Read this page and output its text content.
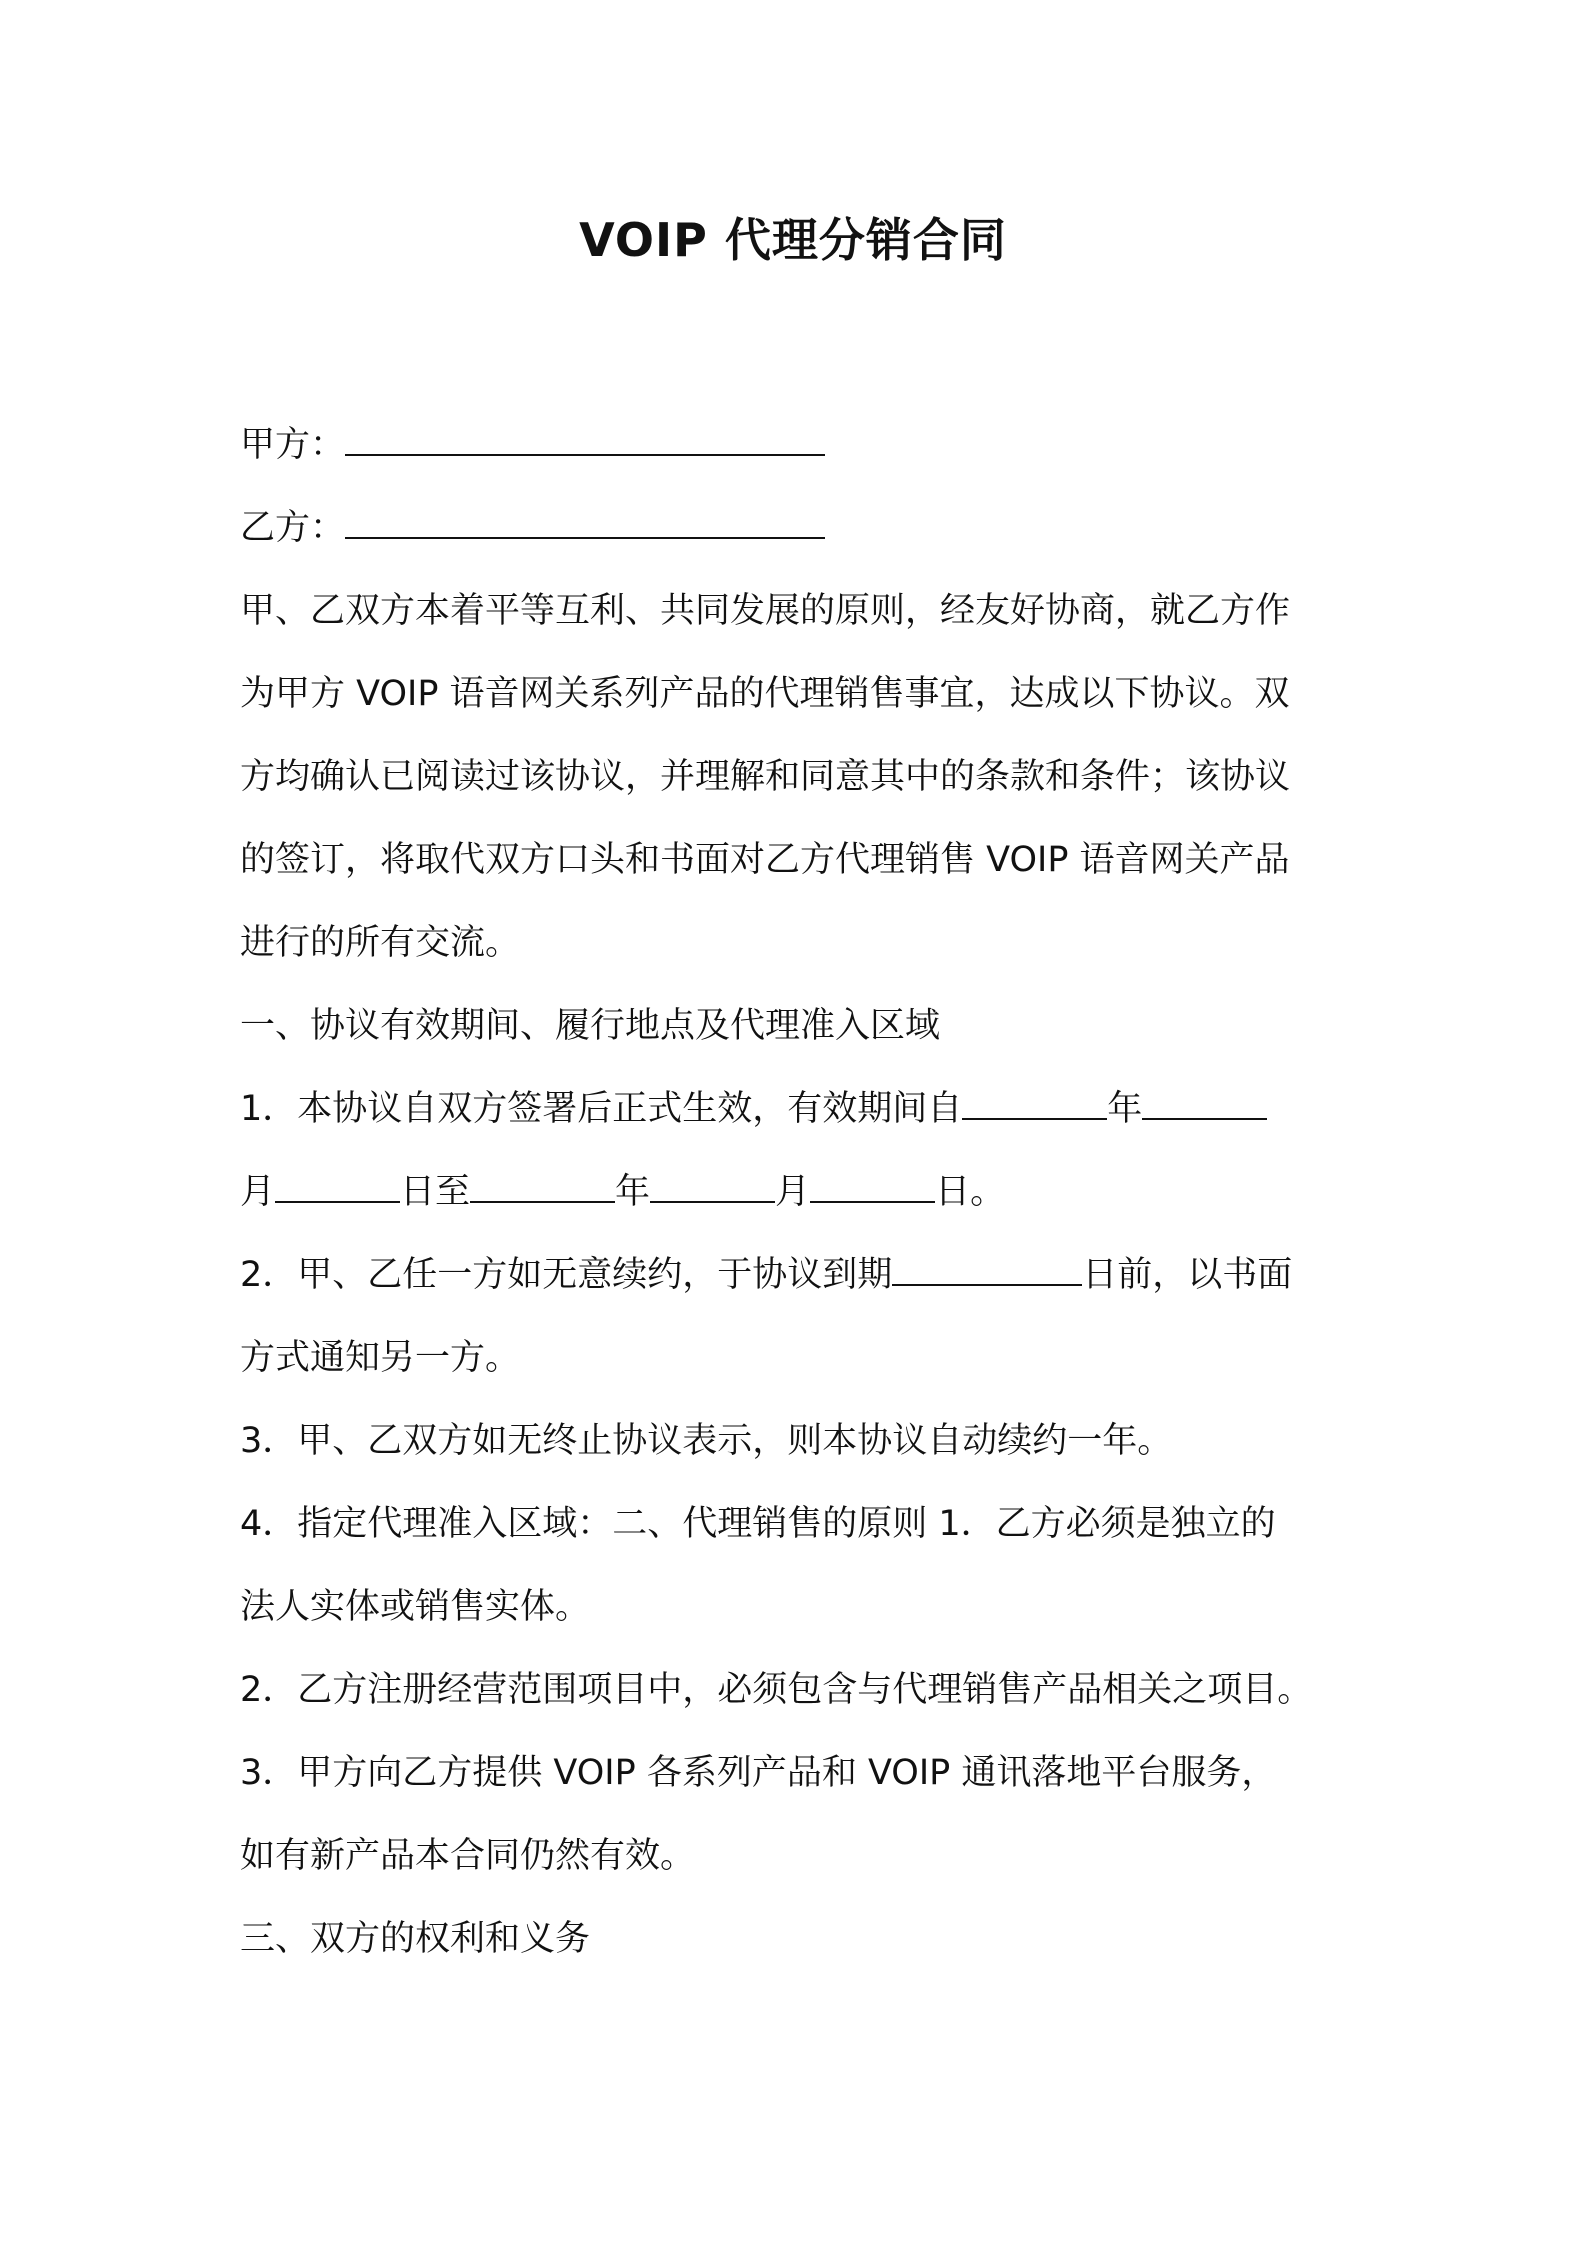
VOIP 代理分销合同

甲方：

乙方：

甲、乙双方本着平等互利、共同发展的原则，经友好协商，就乙方作
为甲方 VOIP 语音网关系列产品的代理销售事宜，达成以下协议。双
方均确认已阅读过该协议，并理解和同意其中的条款和条件；该协议
的签订，将取代双方口头和书面对乙方代理销售 VOIP 语音网关产品
进行的所有交流。

一、协议有效期间、履行地点及代理准入区域

1．本协议自双方签署后正式生效，有效期间自	年
月	日至	年	月	日。

2．甲、乙任一方如无意续约，于协议到期	日前，以书面
方式通知另一方。

3．甲、乙双方如无终止协议表示，则本协议自动续约一年。

4．指定代理准入区域：二、代理销售的原则 1．乙方必须是独立的
法人实体或销售实体。

2．乙方注册经营范围项目中，必须包含与代理销售产品相关之项目。

3．甲方向乙方提供 VOIP 各系列产品和 VOIP 通讯落地平台服务，
如有新产品本合同仍然有效。

三、双方的权利和义务
